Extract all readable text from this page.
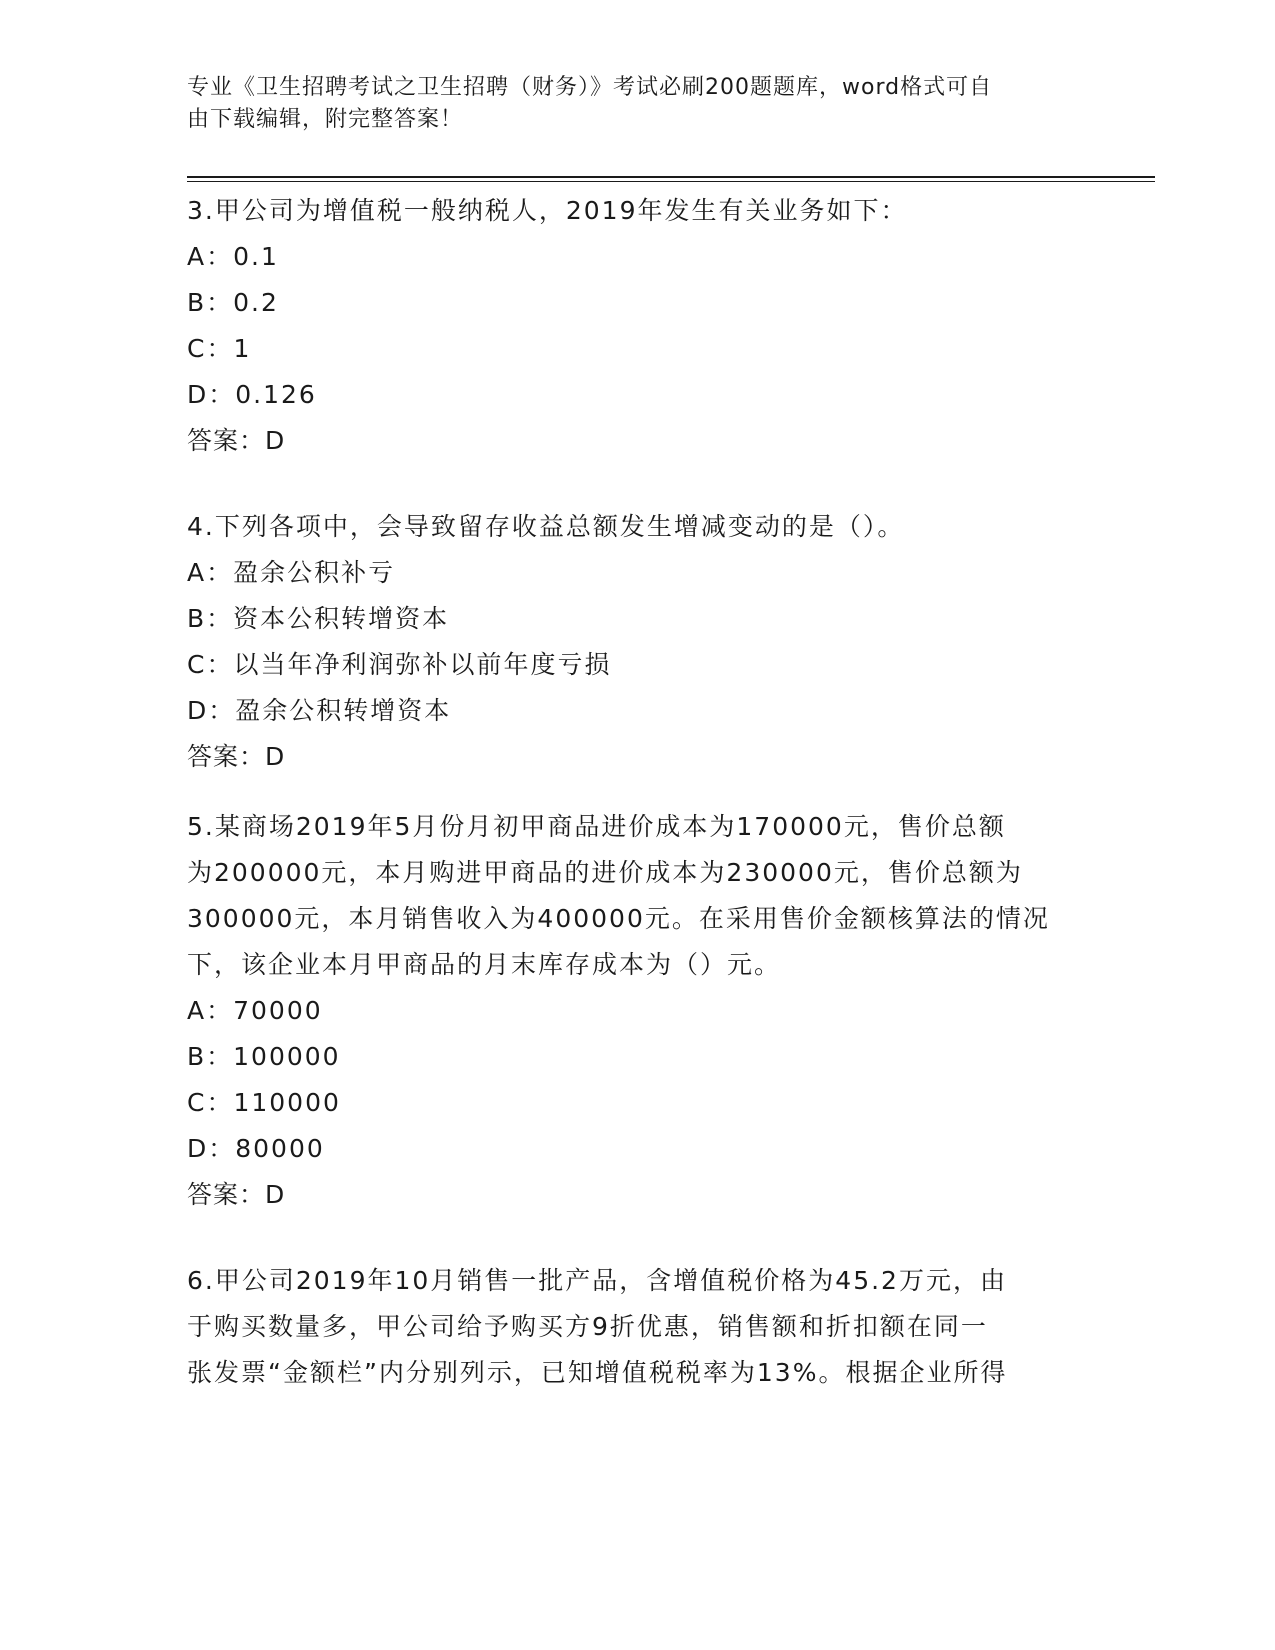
专业《卫生招聘考试之卫生招聘（财务）》考试必刷200题题库，word格式可自
由下载编辑，附完整答案！
3.甲公司为增值税一般纳税人，2019年发生有关业务如下：
A：0.1
B：0.2
C：1
D：0.126
答案：D
4.下列各项中，会导致留存收益总额发生增减变动的是（）。
A：盈余公积补亏
B：资本公积转增资本
C：以当年净利润弥补以前年度亏损
D：盈余公积转增资本
答案：D
5.某商场2019年5月份月初甲商品进价成本为170000元，售价总额
为200000元，本月购进甲商品的进价成本为230000元，售价总额为
300000元，本月销售收入为400000元。在采用售价金额核算法的情况
下，该企业本月甲商品的月末库存成本为（）元。
A：70000
B：100000
C：110000
D：80000
答案：D
6.甲公司2019年10月销售一批产品，含增值税价格为45.2万元，由
于购买数量多，甲公司给予购买方9折优惠，销售额和折扣额在同一
张发票“金额栏”内分别列示，已知增值税税率为13%。根据企业所得
